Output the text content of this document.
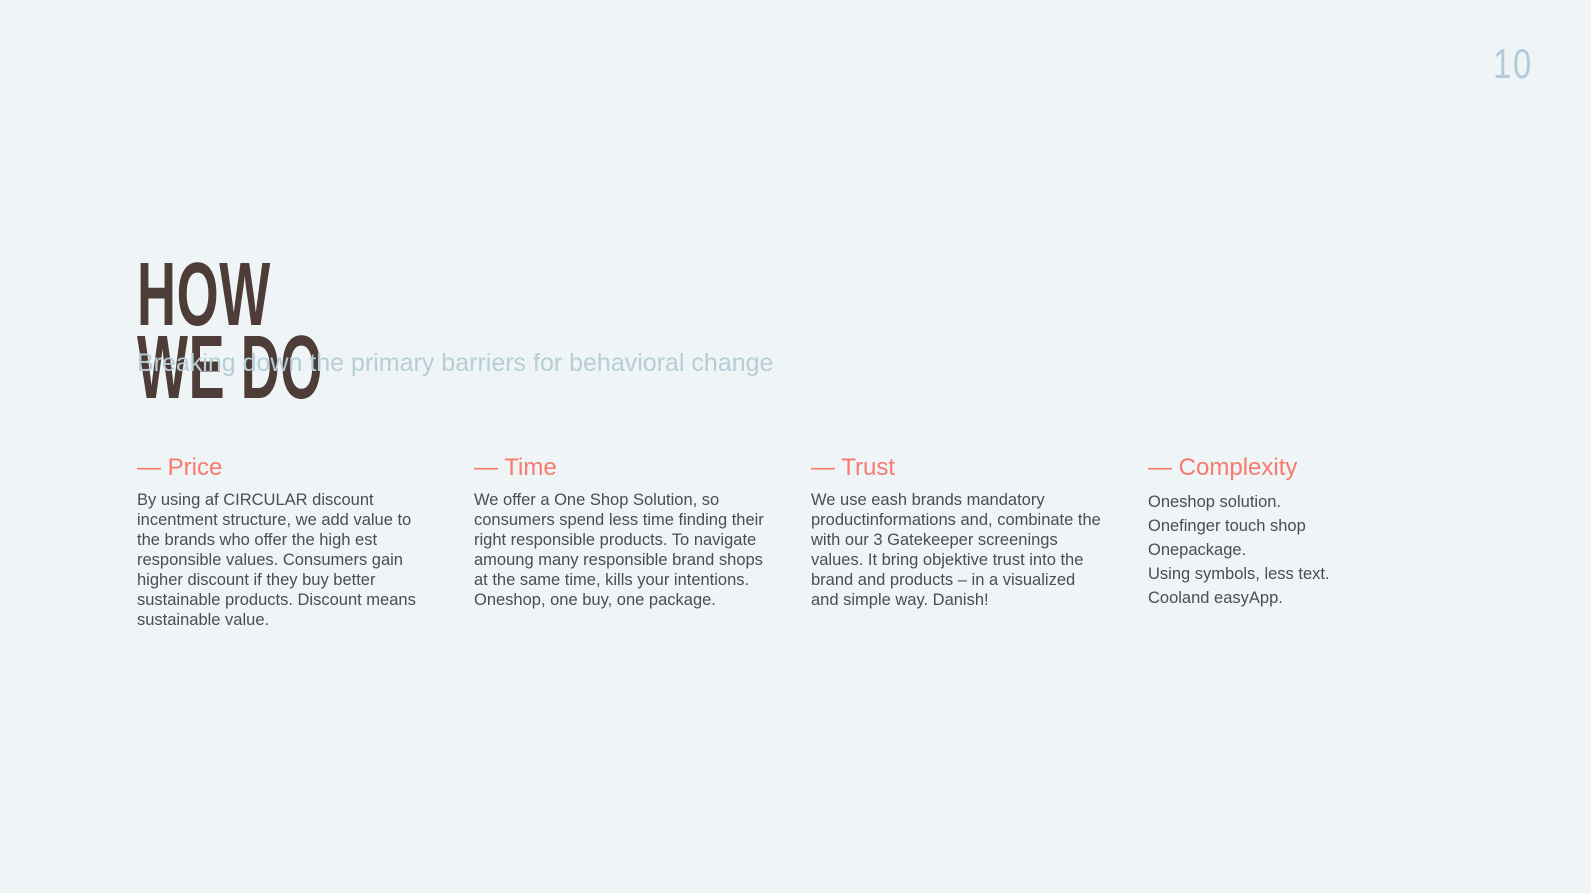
10
HOW
WE DO

Breaking down the primary barriers for behavioral change

— Price

By using af CIRCULAR discount incentment structure, we add value to the brands who offer the high est responsible values. Consumers gain higher discount if they buy better sustainable products. Discount means sustainable value.

— Time

We offer a One Shop Solution, so consumers spend less time finding their right responsible products. To navigate amoung many responsible brand shops at the same time, kills your intentions. Oneshop, one buy, one package.

— Trust

We use eash brands mandatory productinformations and, combinate the with our 3 Gatekeeper screenings values. It bring objektive trust into the brand and products – in a visualized and simple way. Danish!

— Complexity
Oneshop solution.
Onefinger touch shop
Onepackage.
Using symbols, less text.
Cooland easyApp.
